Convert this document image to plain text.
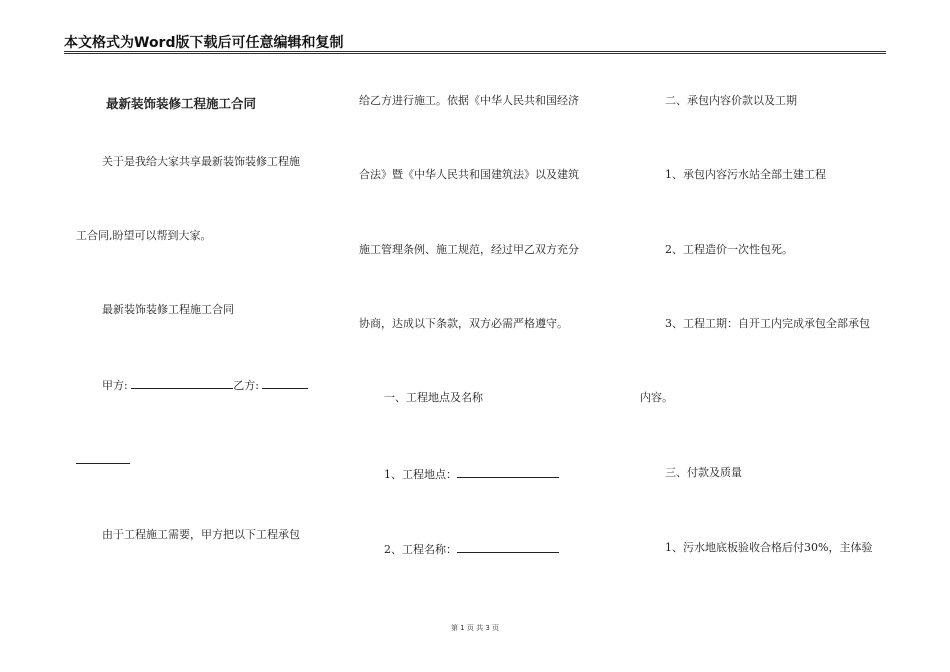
本文格式为Word版下载后可任意编辑和复制
最新装饰装修工程施工合同
关于是我给大家共享最新装饰装修工程施
工合同,盼望可以帮到大家。
最新装饰装修工程施工合同
甲方:	乙方:
由于工程施工需要，甲方把以下工程承包
给乙方进行施工。依据《中华人民共和国经济
合法》暨《中华人民共和国建筑法》以及建筑
施工管理条例、施工规范，经过甲乙双方充分
协商，达成以下条款，双方必需严格遵守。
一、工程地点及名称
1、工程地点：
2、工程名称：
二、承包内容价款以及工期
1、承包内容污水站全部土建工程
2、工程造价一次性包死。
3、工程工期：自开工内完成承包全部承包
内容。
三、付款及质量
1、污水地底板验收合格后付30%，主体验
第 1 页 共 3 页
